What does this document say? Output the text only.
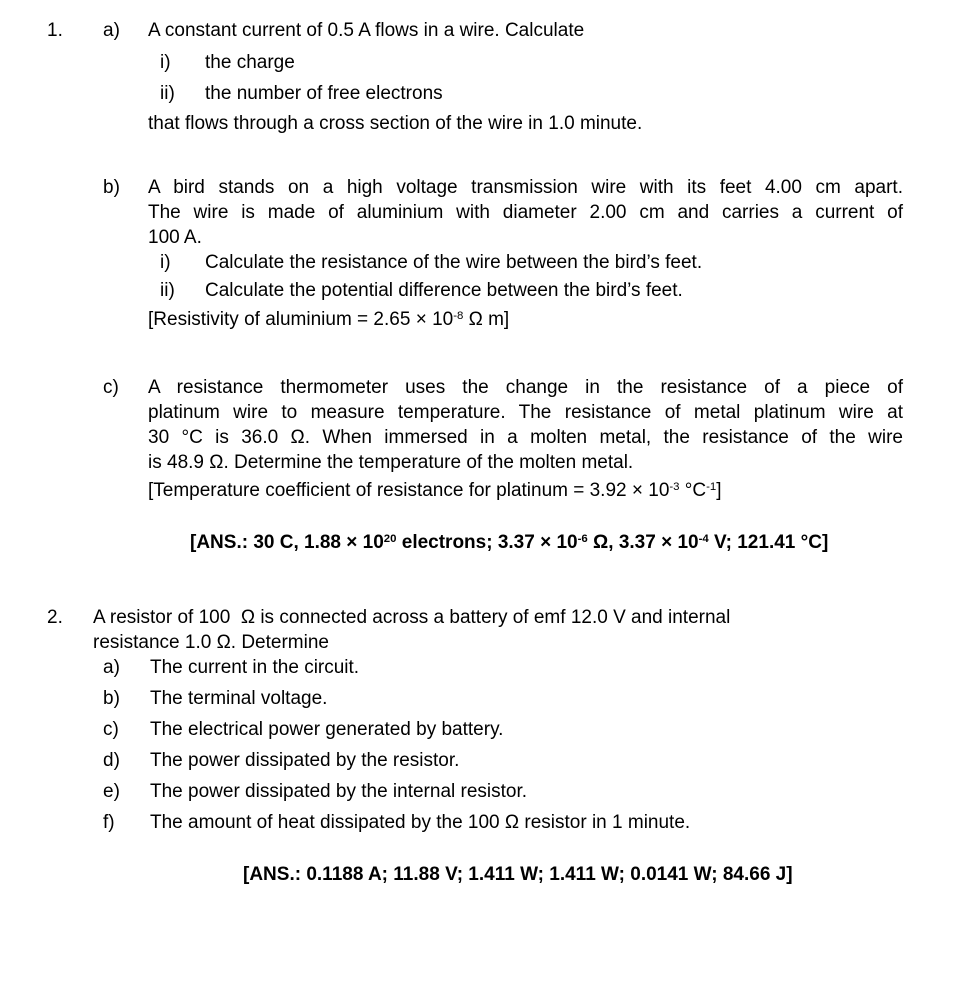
1.	a)	A constant current of 0.5 A flows in a wire. Calculate
i)	the charge
ii)	the number of free electrons
that flows through a cross section of the wire in 1.0 minute.
b)	A bird stands on a high voltage transmission wire with its feet 4.00 cm apart.
The wire is made of aluminium with diameter 2.00 cm and carries a current of
100 A.
i)	Calculate the resistance of the wire between the bird’s feet.
ii)	Calculate the potential difference between the bird’s feet.
[Resistivity of aluminium = $2.65 \times 10^{-8}$ Ω m]
c)	A resistance thermometer uses the change in the resistance of a piece of
platinum wire to measure temperature. The resistance of metal platinum wire at
30 °C is 36.0 Ω. When immersed in a molten metal, the resistance of the wire
is 48.9 Ω. Determine the temperature of the molten metal.
[Temperature coefficient of resistance for platinum = $3.92 \times 10^{-3}$ $^\circ C^{-1}$]
[ANS.: 30 C, $1.88 \times 10^{20}$ electrons; $3.37 \times 10^{-6}$ Ω, $3.37 \times 10^{-4}$ V; 121.41 °C]
2.	A resistor of 100  Ω is connected across a battery of emf 12.0 V and internal
resistance 1.0 Ω. Determine
a)	The current in the circuit.
b)	The terminal voltage.
c)	The electrical power generated by battery.
d)	The power dissipated by the resistor.
e)	The power dissipated by the internal resistor.
f)	The amount of heat dissipated by the 100 Ω resistor in 1 minute.
[ANS.: 0.1188 A; 11.88 V; 1.411 W; 1.411 W; 0.0141 W; 84.66 J]
